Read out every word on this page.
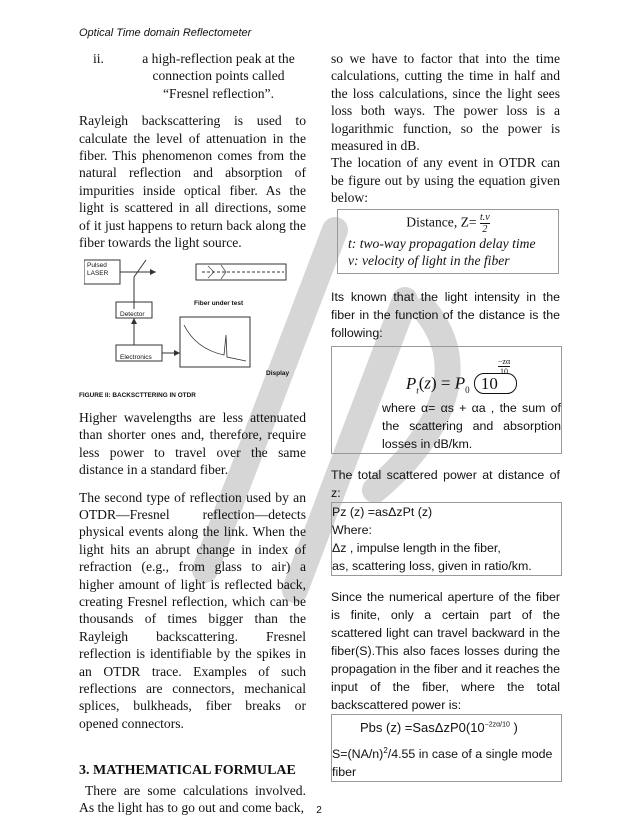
Optical Time domain Reflectometer
ii.	a high-reflection peak at the connection points called “Fresnel reflection”.

Rayleigh backscattering is used to calculate the level of attenuation in the fiber. This phenomenon comes from the natural reflection and absorption of impurities inside optical fiber. As the light is scattered in all directions, some of it just happens to return back along the fiber towards the light source.

Pulsed LASER
Fiber under test
Detector
Electronics
Display
FIGURE II: BACKSCTTERING IN OTDR

Higher wavelengths are less attenuated than shorter ones and, therefore, require less power to travel over the same distance in a standard fiber.

The second type of reflection used by an OTDR—Fresnel reflection—detects physical events along the link. When the light hits an abrupt change in index of refraction (e.g., from glass to air) a higher amount of light is reflected back, creating Fresnel reflection, which can be thousands of times bigger than the Rayleigh backscattering. Fresnel reflection is identifiable by the spikes in an OTDR trace. Examples of such reflections are connectors, mechanical splices, bulkheads, fiber breaks or opened connectors.

3. MATHEMATICAL FORMULAE

There are some calculations involved. As the light has to go out and come back,

so we have to factor that into the time calculations, cutting the time in half and the loss calculations, since the light sees loss both ways. The power loss is a logarithmic function, so the power is measured in dB.

The location of any event in OTDR can be figure out by using the equation given below:

Distance, $Z= \frac{t.v}{2}$
t: two-way propagation delay time
v: velocity of light in the fiber

Its known that the light intensity in the fiber in the function of the distance is the following:

$P_t(z) = P_0$ 10
$^{\frac{-z\alpha}{10}}$

where α= αs + αa , the sum of the scattering and absorption losses in dB/km.

The total scattered power at distance of z:

Pz (z) =asΔzPt (z)
Where:
Δz , impulse length in the fiber,
as, scattering loss, given in ratio/km.

Since the numerical aperture of the fiber is finite, only a certain part of the scattered light can travel backward in the fiber(S).This also faces losses during the propagation in the fiber and it reaches the input of the fiber, where the total backscattered power is:

Pbs $(z) =Sas\Delta zP0(10^{-2z\alpha/10}$ )
$S=(NA/n)^2/4.55$ in case of a single mode fiber
2
